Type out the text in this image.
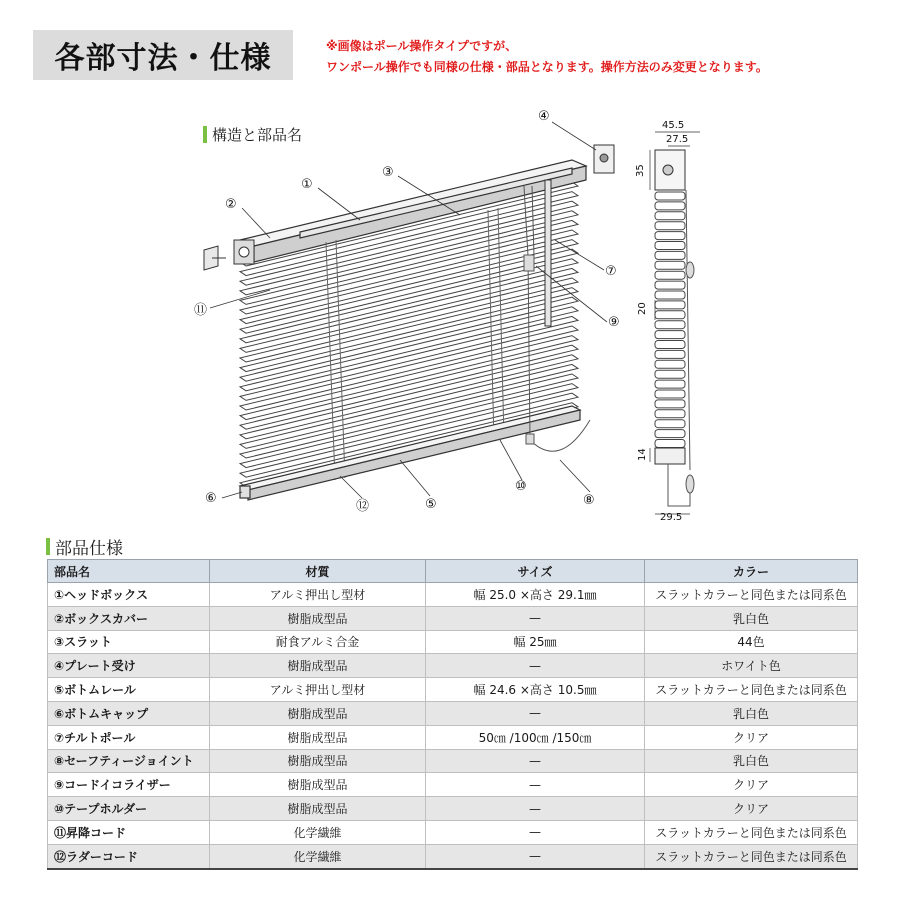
各部寸法・仕様	※画像はポール操作タイプですが、
ワンポール操作でも同様の仕様・部品となります。操作方法のみ変更となります。
構造と部品名
①
②
③
④
⑤
⑥
⑦
⑧
⑨
⑩
⑪
⑫
45.5
27.5
35
20
14
29.5
部品仕様
部品名	材質	サイズ	カラー
①ヘッドボックス	アルミ押出し型材	幅 25.0 ×高さ 29.1㎜	スラットカラーと同色または同系色
②ボックスカバー	樹脂成型品	—	乳白色
③スラット	耐食アルミ合金	幅 25㎜	44色
④プレート受け	樹脂成型品	—	ホワイト色
⑤ボトムレール	アルミ押出し型材	幅 24.6 ×高さ 10.5㎜	スラットカラーと同色または同系色
⑥ボトムキャップ	樹脂成型品	—	乳白色
⑦チルトポール	樹脂成型品	50㎝ /100㎝ /150㎝	クリア
⑧セーフティージョイント	樹脂成型品	—	乳白色
⑨コードイコライザー	樹脂成型品	—	クリア
⑩テープホルダー	樹脂成型品	—	クリア
⑪昇降コード	化学繊維	—	スラットカラーと同色または同系色
⑫ラダーコード	化学繊維	—	スラットカラーと同色または同系色
